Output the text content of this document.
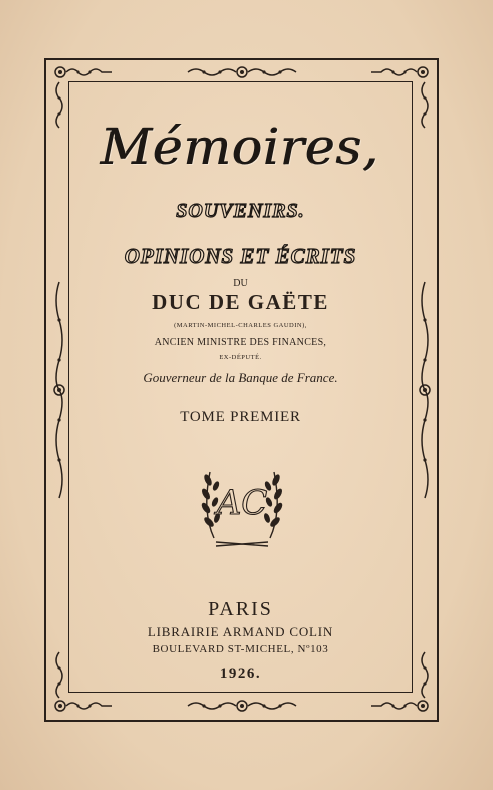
Mémoires,
SOUVENIRS.
OPINIONS ET ÉCRITS
DU
DUC DE GAËTE
(MARTIN-MICHEL-CHARLES GAUDIN),
ANCIEN MINISTRE DES FINANCES,
EX-DÉPUTÉ.
Gouverneur de la Banque de France.
TOME PREMIER
AC
PARIS
LIBRAIRIE ARMAND COLIN
BOULEVARD ST-MICHEL, Nº103
1926.
